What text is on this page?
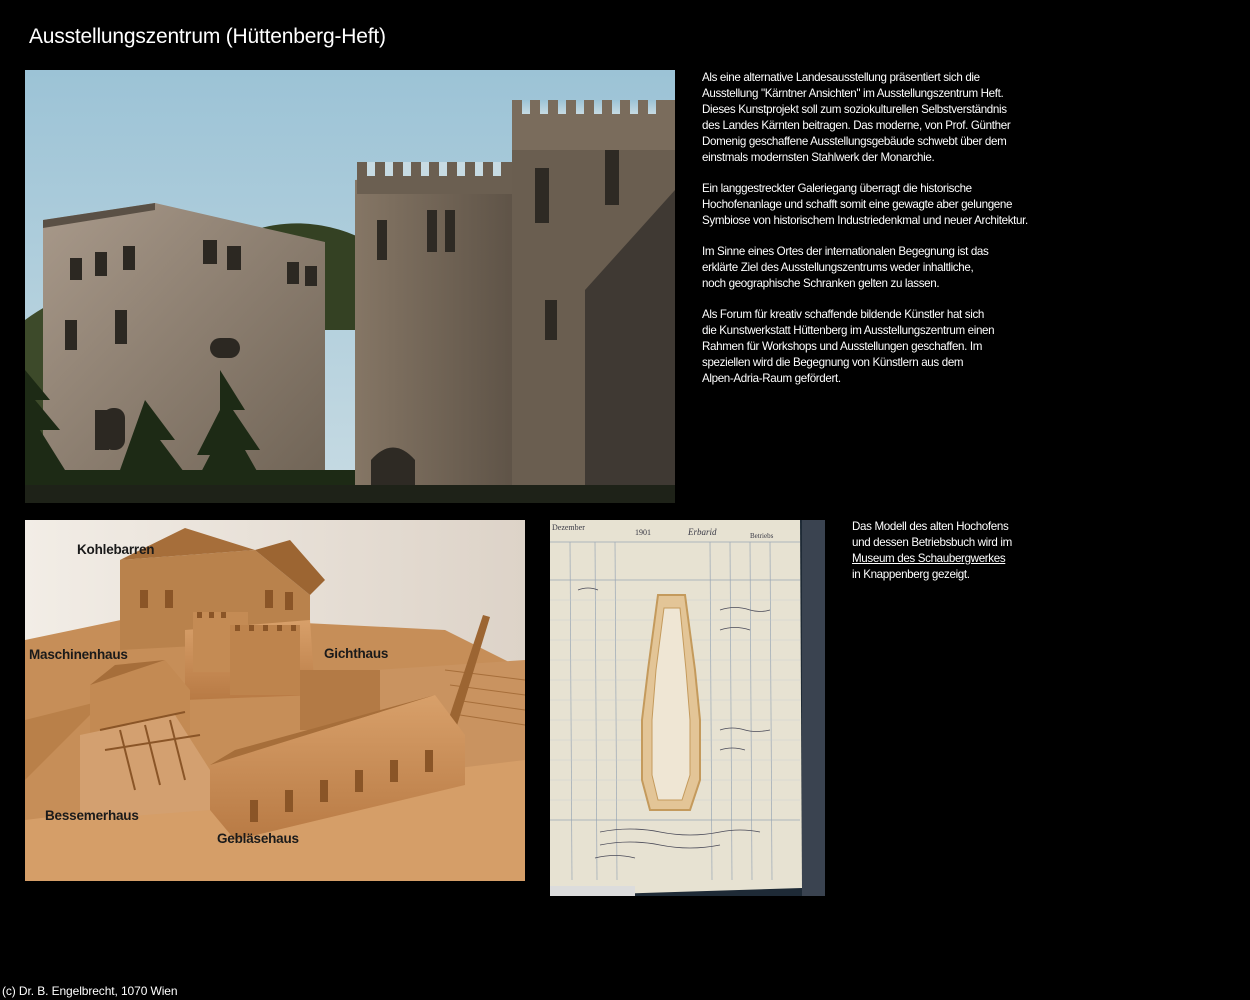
Ausstellungszentrum (Hüttenberg-Heft)

Als eine alternative Landesausstellung präsentiert sich die
Ausstellung "Kärntner Ansichten" im Ausstellungszentrum Heft.
Dieses Kunstprojekt soll zum soziokulturellen Selbstverständnis
des Landes Kärnten beitragen. Das moderne, von Prof. Günther
Domenig geschaffene Ausstellungsgebäude schwebt über dem
einstmals modernsten Stahlwerk der Monarchie.

Ein langgestreckter Galeriegang überragt die historische
Hochofenanlage und schafft somit eine gewagte aber gelungene
Symbiose von historischem Industriedenkmal und neuer Architektur.

Im Sinne eines Ortes der internationalen Begegnung ist das
erklärte Ziel des Ausstellungszentrums weder inhaltliche,
noch geographische Schranken gelten zu lassen.

Als Forum für kreativ schaffende bildende Künstler hat sich
die Kunstwerkstatt Hüttenberg im Ausstellungszentrum einen
Rahmen für Workshops und Ausstellungen geschaffen. Im
speziellen wird die Begegnung von Künstlern aus dem
Alpen-Adria-Raum gefördert.

Kohlebarren
Maschinenhaus	Gichthaus
Bessemerhaus
Gebläsehaus
Dezember
1901	Erbarid	Betriebs
Das Modell des alten Hochofens
und dessen Betriebsbuch wird im
Museum des Schaubergwerkes
in Knappenberg gezeigt.
(c) Dr. B. Engelbrecht, 1070 Wien
